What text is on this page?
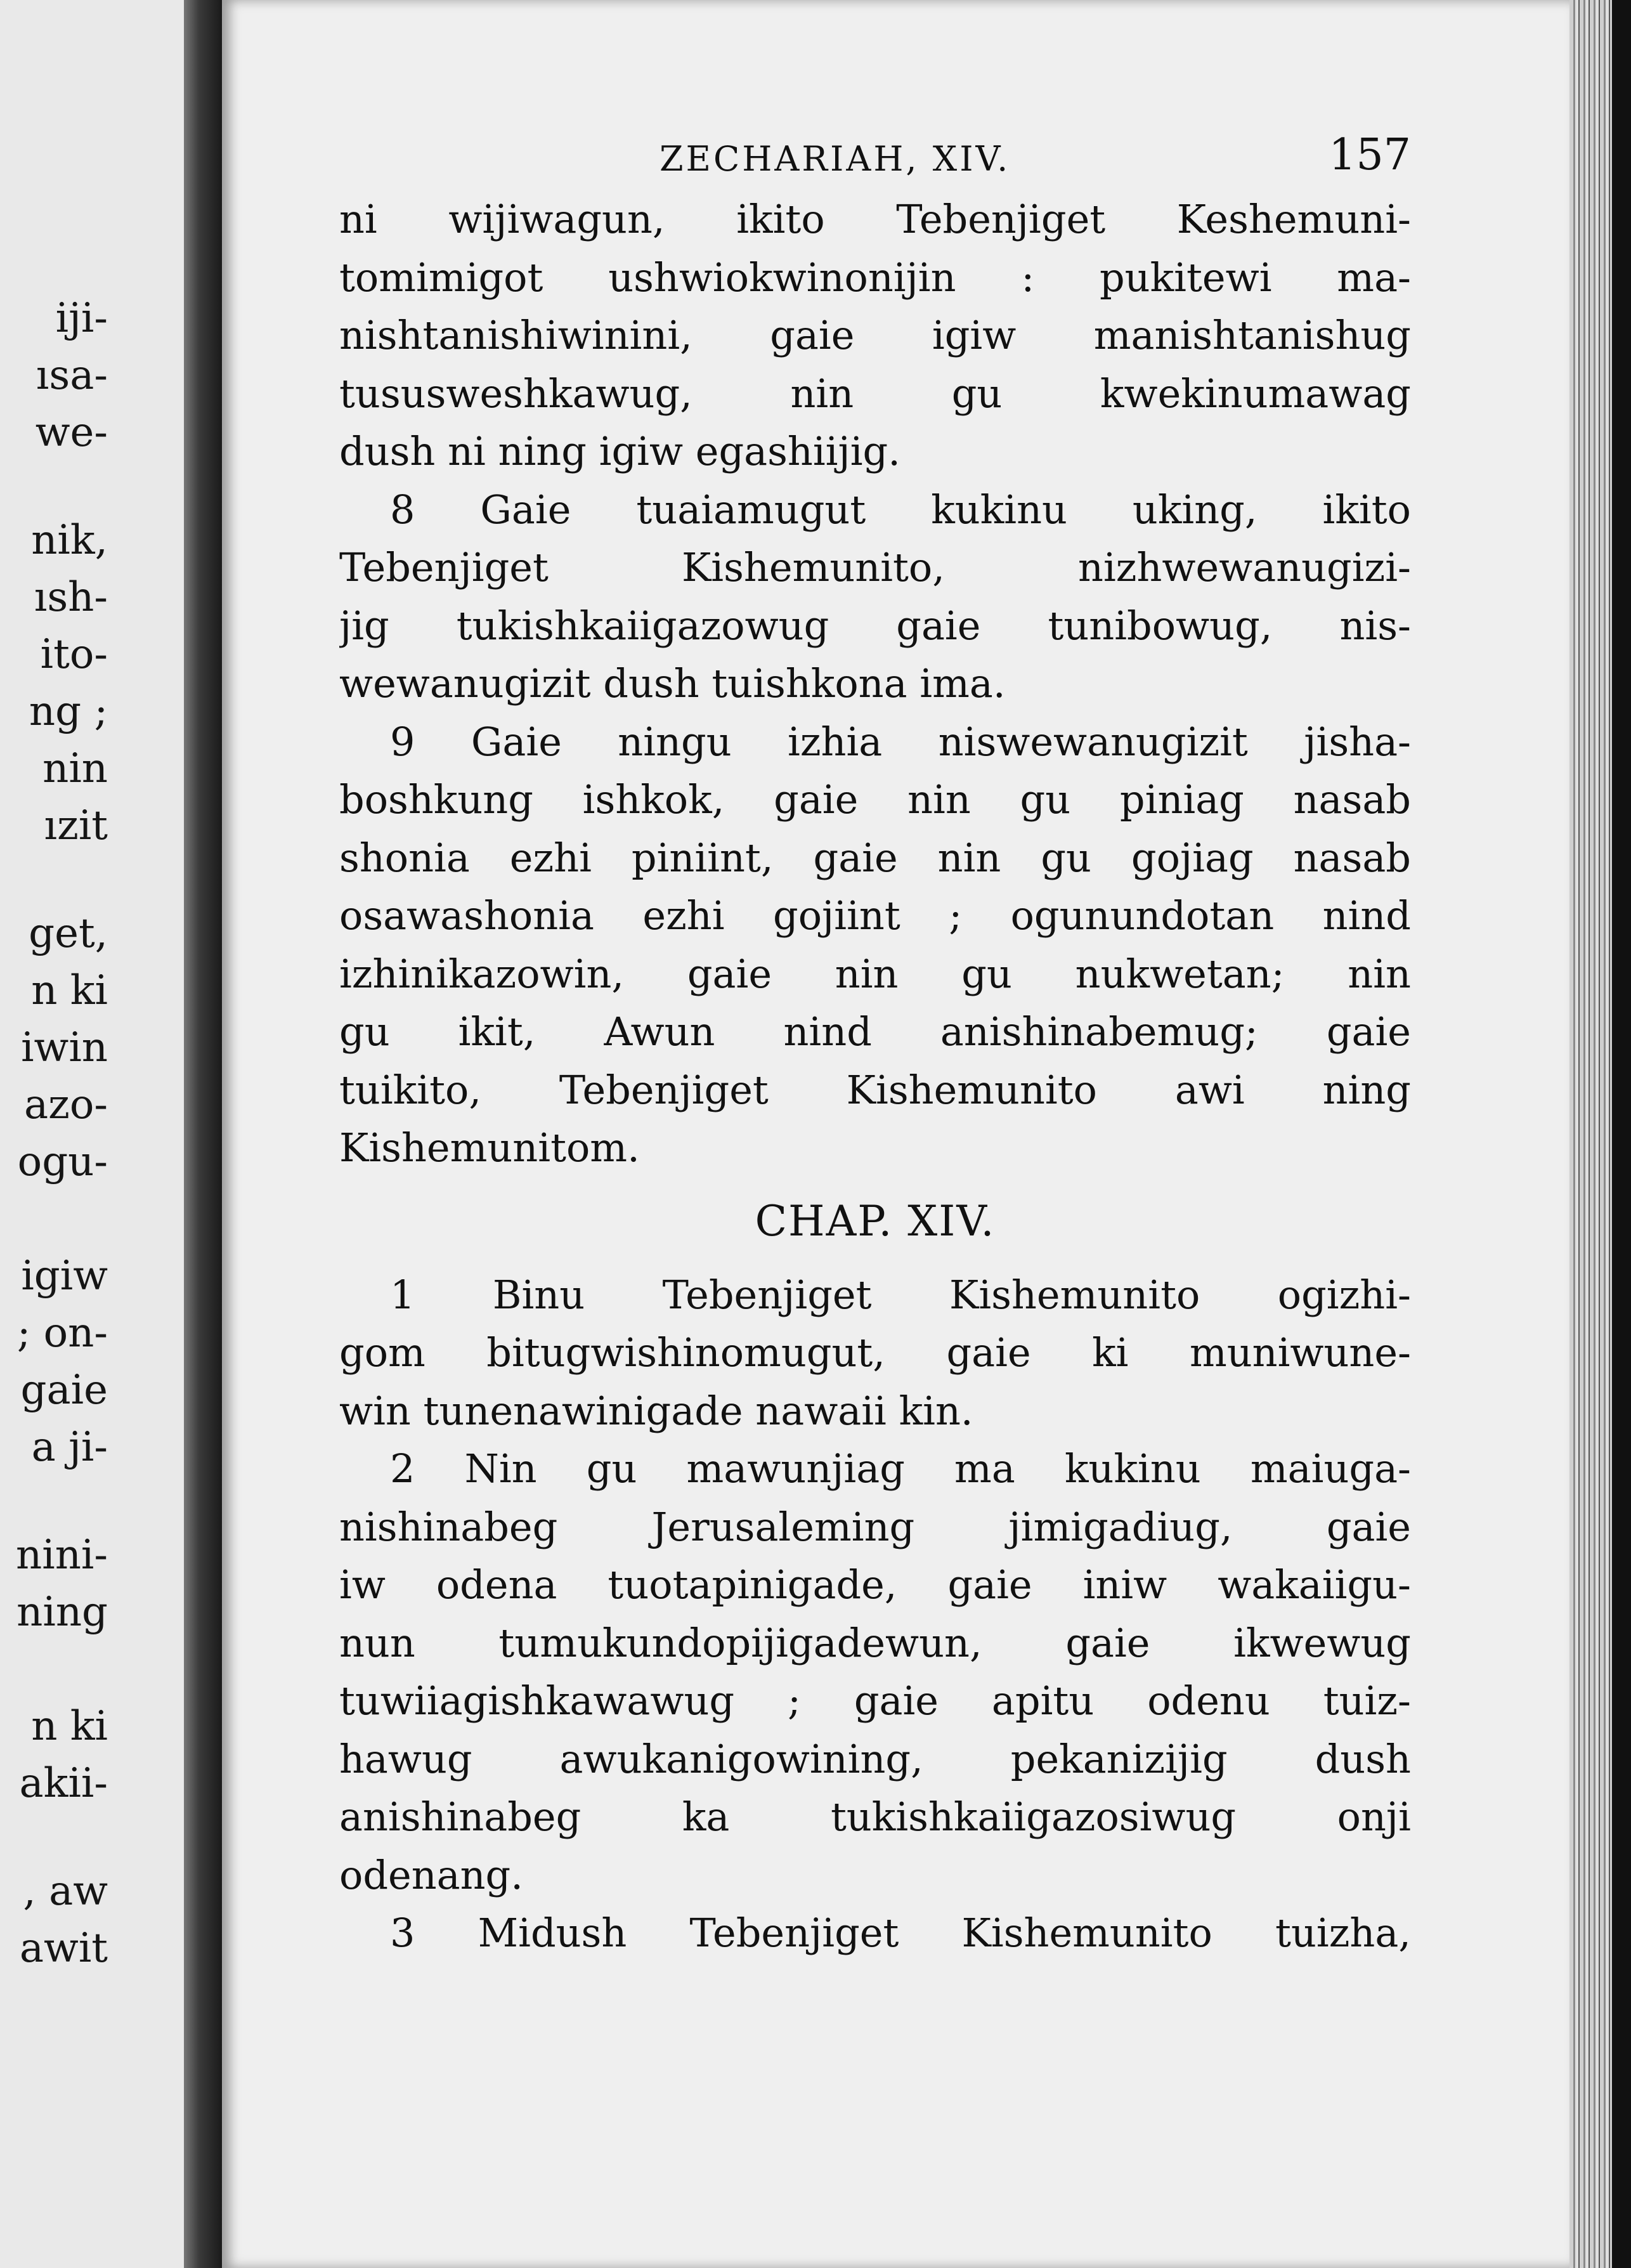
iji-
ısa-
we-
nik,
ısh-
ito-
ng ;
nin
ızit
get,
n ki
iwin
azo-
ogu-
igiw
; on-
gaie
a ji-
nini-
ning
n ki
akii-
, aw
awit
ZECHARIAH, XIV.	157
ni wijiwagun, ikito Tebenjiget Keshemuni-
tomimigot ushwiokwinonijin : pukitewi ma-
nishtanishiwinini, gaie igiw manishtanishug
tususweshkawug, nin gu kwekinumawag
dush ni ning igiw egashiijig.
8 Gaie tuaiamugut kukinu uking, ikito
Tebenjiget Kishemunito, nizhwewanugizi-
jig tukishkaiigazowug gaie tunibowug, nis-
wewanugizit dush tuishkona ima.
9 Gaie ningu izhia niswewanugizit jisha-
boshkung ishkok, gaie nin gu piniag nasab
shonia ezhi piniint, gaie nin gu gojiag nasab
osawashonia ezhi gojiint ; ogunundotan nind
izhinikazowin, gaie nin gu nukwetan; nin
gu ikit, Awun nind anishinabemug; gaie
tuikito, Tebenjiget Kishemunito awi ning
Kishemunitom.
CHAP. XIV.
1 Binu Tebenjiget Kishemunito ogizhi-
gom bitugwishinomugut, gaie ki muniwune-
win tunenawinigade nawaii kin.
2 Nin gu mawunjiag ma kukinu maiuga-
nishinabeg Jerusaleming jimigadiug, gaie
iw odena tuotapinigade, gaie iniw wakaiigu-
nun tumukundopijigadewun, gaie ikwewug
tuwiiagishkawawug ; gaie apitu odenu tuiz-
hawug awukanigowining, pekanizijig dush
anishinabeg ka tukishkaiigazosiwug onji
odenang.
3 Midush Tebenjiget Kishemunito tuizha,
